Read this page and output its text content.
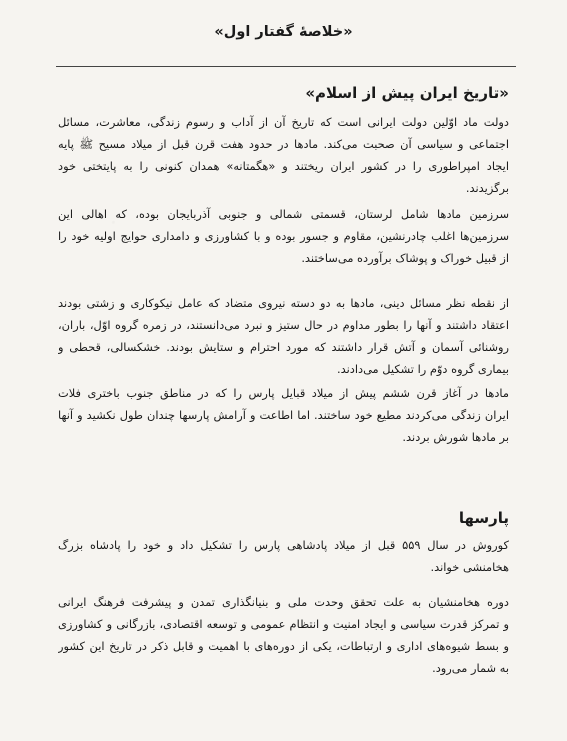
«خلاصهٔ گفتار اول»
«تاریخ ایران پیش از اسلام»
دولت ماد اوّلین دولت ایرانی است که تاریخ آن از آداب و رسوم زندگی، معاشرت، مسائل
اجتماعی و سیاسی آن صحبت می‌کند. مادها در حدود هفت قرن قبل از میلاد مسیح ﷺ پایه
ایجاد امپراطوری را در کشور ایران ریختند و «هگمتانه» همدان کنونی را به پایتختی خود
برگزیدند.
سرزمین مادها شامل لرستان، قسمتی شمالی و جنوبی آذربایجان بوده، که اهالی این
سرزمین‌ها اغلب چادرنشین، مقاوم و جسور بوده و با کشاورزی و دامداری حوایج اولیه خود را
از قبیل خوراک و پوشاک برآورده می‌ساختند.
از نقطه نظر مسائل دینی، مادها به دو دسته نیروی متضاد که عامل نیکوکاری و زشتی بودند
اعتقاد داشتند و آنها را بطور مداوم در حال ستیز و نبرد می‌دانستند، در زمره گروه اوّل، باران،
روشنائی آسمان و آتش قرار داشتند که مورد احترام و ستایش بودند. خشکسالی، قحطی و
بیماری گروه دوّم را تشکیل می‌دادند.
مادها در آغاز قرن ششم پیش از میلاد قبایل پارس را که در مناطق جنوب باختری فلات
ایران زندگی می‌کردند مطیع خود ساختند. اما اطاعت و آرامش پارسها چندان طول نکشید و آنها
بر مادها شورش بردند.
پارسها
کوروش در سال ۵۵۹ قبل از میلاد پادشاهی پارس را تشکیل داد و خود را پادشاه بزرگ
هخامنشی خواند.
دوره هخامنشیان به علت تحقق وحدت ملی و بنیانگذاری تمدن و پیشرفت فرهنگ ایرانی
و تمرکز قدرت سیاسی و ایجاد امنیت و انتظام عمومی و توسعه اقتصادی، بازرگانی و کشاورزی
و بسط شیوه‌های اداری و ارتباطات، یکی از دوره‌های با اهمیت و قابل ذکر در تاریخ این کشور
به شمار می‌رود.
